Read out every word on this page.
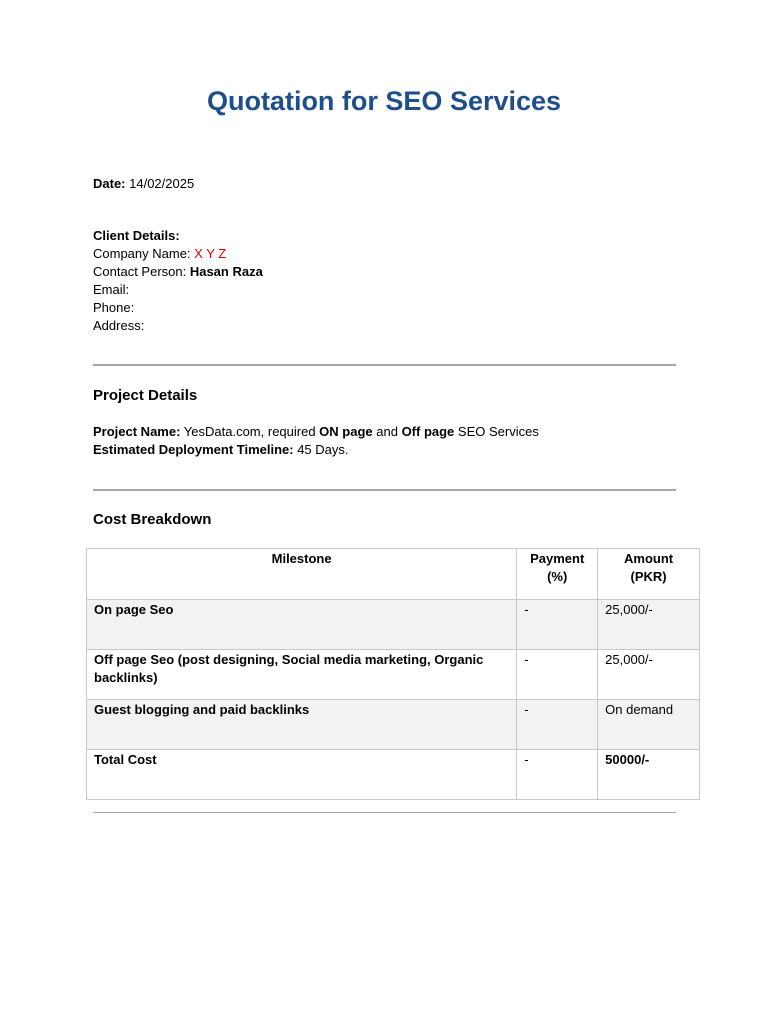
Quotation for SEO Services
Date: 14/02/2025
Client Details:
Company Name: X Y Z
Contact Person: Hasan Raza
Email:
Phone:
Address:
Project Details
Project Name: YesData.com, required ON page and Off page SEO Services
Estimated Deployment Timeline: 45 Days.
Cost Breakdown
Milestone	Payment (%)	Amount (PKR)
On page Seo	-	25,000/-
Off page Seo (post designing, Social media marketing, Organic backlinks)	-	25,000/-
Guest blogging and paid backlinks	-	On demand
Total Cost	-	50000/-
